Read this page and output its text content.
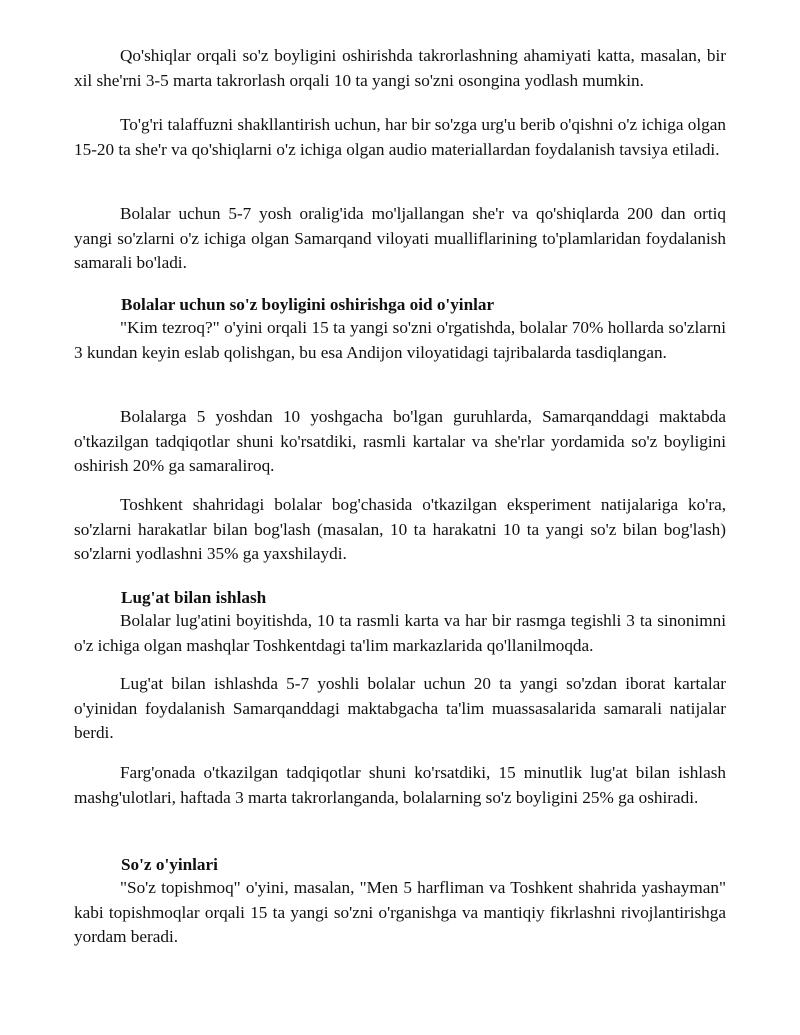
Qo'shiqlar orqali so'z boyligini oshirishda takrorlashning ahamiyati katta, masalan, bir xil she'rni 3-5 marta takrorlash orqali 10 ta yangi so'zni osongina yodlash mumkin.

To'g'ri talaffuzni shakllantirish uchun, har bir so'zga urg'u berib o'qishni o'z ichiga olgan 15-20 ta she'r va qo'shiqlarni o'z ichiga olgan audio materiallardan foydalanish tavsiya etiladi.

Bolalar uchun 5-7 yosh oralig'ida mo'ljallangan she'r va qo'shiqlarda 200 dan ortiq yangi so'zlarni o'z ichiga olgan Samarqand viloyati mualliflarining to'plamlaridan foydalanish samarali bo'ladi.

Bolalar uchun so'z boyligini oshirishga oid o'yinlar

"Kim tezroq?" o'yini orqali 15 ta yangi so'zni o'rgatishda, bolalar 70% hollarda so'zlarni 3 kundan keyin eslab qolishgan, bu esa Andijon viloyatidagi tajribalarda tasdiqlangan.

Bolalarga 5 yoshdan 10 yoshgacha bo'lgan guruhlarda, Samarqanddagi maktabda o'tkazilgan tadqiqotlar shuni ko'rsatdiki, rasmli kartalar va she'rlar yordamida so'z boyligini oshirish 20% ga samaraliroq.

Toshkent shahridagi bolalar bog'chasida o'tkazilgan eksperiment natijalariga ko'ra, so'zlarni harakatlar bilan bog'lash (masalan, 10 ta harakatni 10 ta yangi so'z bilan bog'lash) so'zlarni yodlashni 35% ga yaxshilaydi.

Lug'at bilan ishlash

Bolalar lug'atini boyitishda, 10 ta rasmli karta va har bir rasmga tegishli 3 ta sinonimni o'z ichiga olgan mashqlar Toshkentdagi ta'lim markazlarida qo'llanilmoqda.

Lug'at bilan ishlashda 5-7 yoshli bolalar uchun 20 ta yangi so'zdan iborat kartalar o'yinidan foydalanish Samarqanddagi maktabgacha ta'lim muassasalarida samarali natijalar berdi.

Farg'onada o'tkazilgan tadqiqotlar shuni ko'rsatdiki, 15 minutlik lug'at bilan ishlash mashg'ulotlari, haftada 3 marta takrorlanganda, bolalarning so'z boyligini 25% ga oshiradi.

So'z o'yinlari

"So'z topishmoq" o'yini, masalan, "Men 5 harfliman va Toshkent shahrida yashayman" kabi topishmoqlar orqali 15 ta yangi so'zni o'rganishga va mantiqiy fikrlashni rivojlantirishga yordam beradi.
